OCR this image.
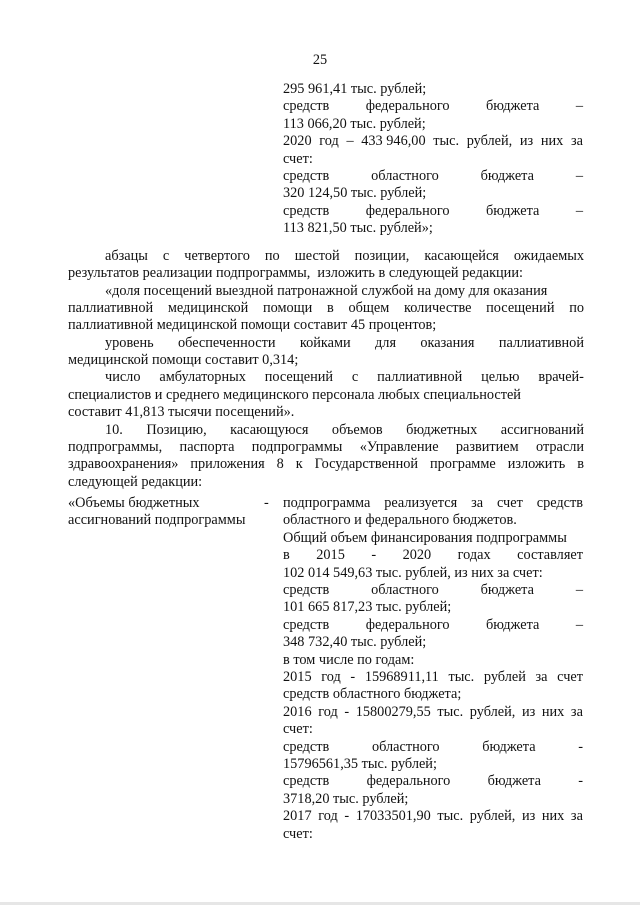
25
295 961,41 тыс. рублей;
средств	федерального	бюджета	–
113 066,20 тыс. рублей;
2020 год – 433 946,00 тыс. рублей, из них за
счет:
средств	областного	бюджета	–
320 124,50 тыс. рублей;
средств	федерального	бюджета	–
113 821,50 тыс. рублей»;
абзацы с четвертого по шестой позиции, касающейся ожидаемых
результатов реализации подпрограммы,  изложить в следующей редакции:
«доля посещений выездной патронажной службой на дому для оказания
паллиативной медицинской помощи в общем количестве посещений по
паллиативной медицинской помощи составит 45 процентов;
уровень обеспеченности койками для оказания паллиативной
медицинской помощи составит 0,314;
число амбулаторных посещений с паллиативной целью врачей-
специалистов и среднего медицинского персонала любых специальностей
составит 41,813 тысячи посещений».
10. Позицию, касающуюся объемов бюджетных ассигнований
подпрограммы, паспорта подпрограммы «Управление развитием отрасли
здравоохранения» приложения 8 к Государственной программе изложить в
следующей редакции:
«Объемы бюджетных
ассигнований подпрограммы
- подпрограмма реализуется за счет средств
областного и федерального бюджетов.
Общий объем финансирования подпрограммы
в 2015 - 2020 годах составляет
102 014 549,63 тыс. рублей, из них за счет:
средств	областного	бюджета	–
101 665 817,23 тыс. рублей;
средств	федерального	бюджета	–
348 732,40 тыс. рублей;
в том числе по годам:
2015 год - 15968911,11 тыс. рублей за счет
средств областного бюджета;
2016 год - 15800279,55 тыс. рублей, из них за
счет:
средств	областного	бюджета	-
15796561,35 тыс. рублей;
средств	федерального	бюджета	-
3718,20 тыс. рублей;
2017 год - 17033501,90 тыс. рублей, из них за
счет:
